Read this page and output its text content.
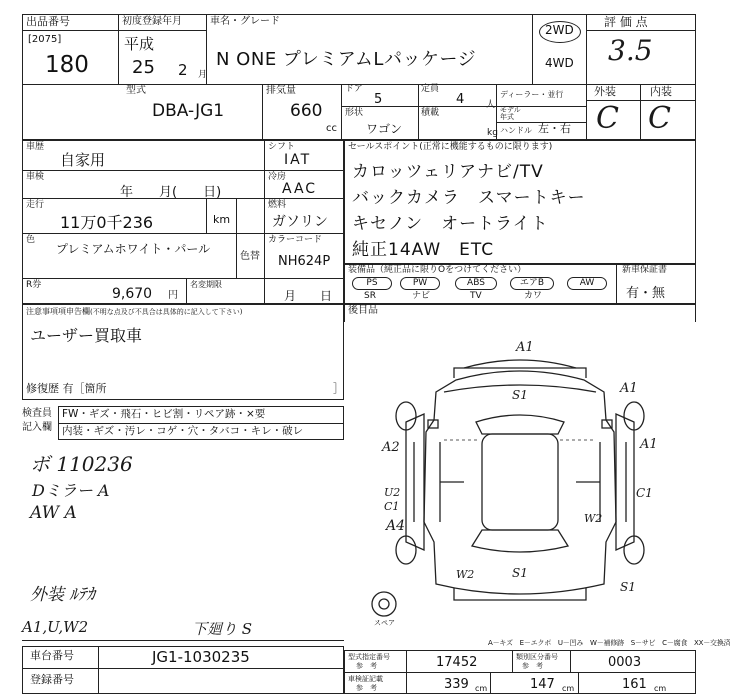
出品番号
[2075]
180
初度登録年月
平成
25 2 月
車名・グレード
N ONE プレミアムLパッケージ
2WD
4WD
評 価 点
3.5
型式
DBA-JG1
排気量
660
cc
ドア
5
定員
4 人
ディーラー・並行
形状
ワゴン
積載
kg
モデル
年式
ハンドル 左・右
外装	内装
C C
車歴
自家用
シフト
IAT
車検
年　　月(　　日)
冷房
AAC
走行
11万0千236	km
燃料
ガソリン
色
プレミアムホワイト・パール
色替
カラーコード
NH624P
R券
9,670 円
名変期限
月　　日
注意事項項申告欄(不明な点及び不具合は具体的に記入して下さい)
ユーザー買取車
修復歴 有［箇所	］
検査員
記入欄
FW・ギズ・飛石・ヒビ割・リペア跡・×要
内装・ギズ・汚レ・コゲ・穴・タバコ・キレ・破レ
ボ 110236
Dミラー A
AW A
外装 ﾙﾃｶ
A1,U,W2	下廻り S
セールスポイント(正常に機能するものに限ります)
カロッツェリアナビ/TV
バックカメラ　スマートキー
キセノン　オートライト
純正14AW　ETC
装備品（純正品に限りOをつけてください）
PS	PW	ABS	エアB	AW
SR	ナビ	TV	カワ
新車保証書
有・無
後目品
A1
S1	A1
A1
A2
U2
C1
C1
A4	W2
W2	S1
S1
スペア
A－キズ　E－エクボ　U－凹み　W－補修跡　S－サビ　C－腐食　XX－交換済
車台番号	JG1-1030235
登録番号
型式指定番号
参　考	17452	類別区分番号
参　考	0003
車検証記載
参　考	339 cm	147 cm	161 cm
